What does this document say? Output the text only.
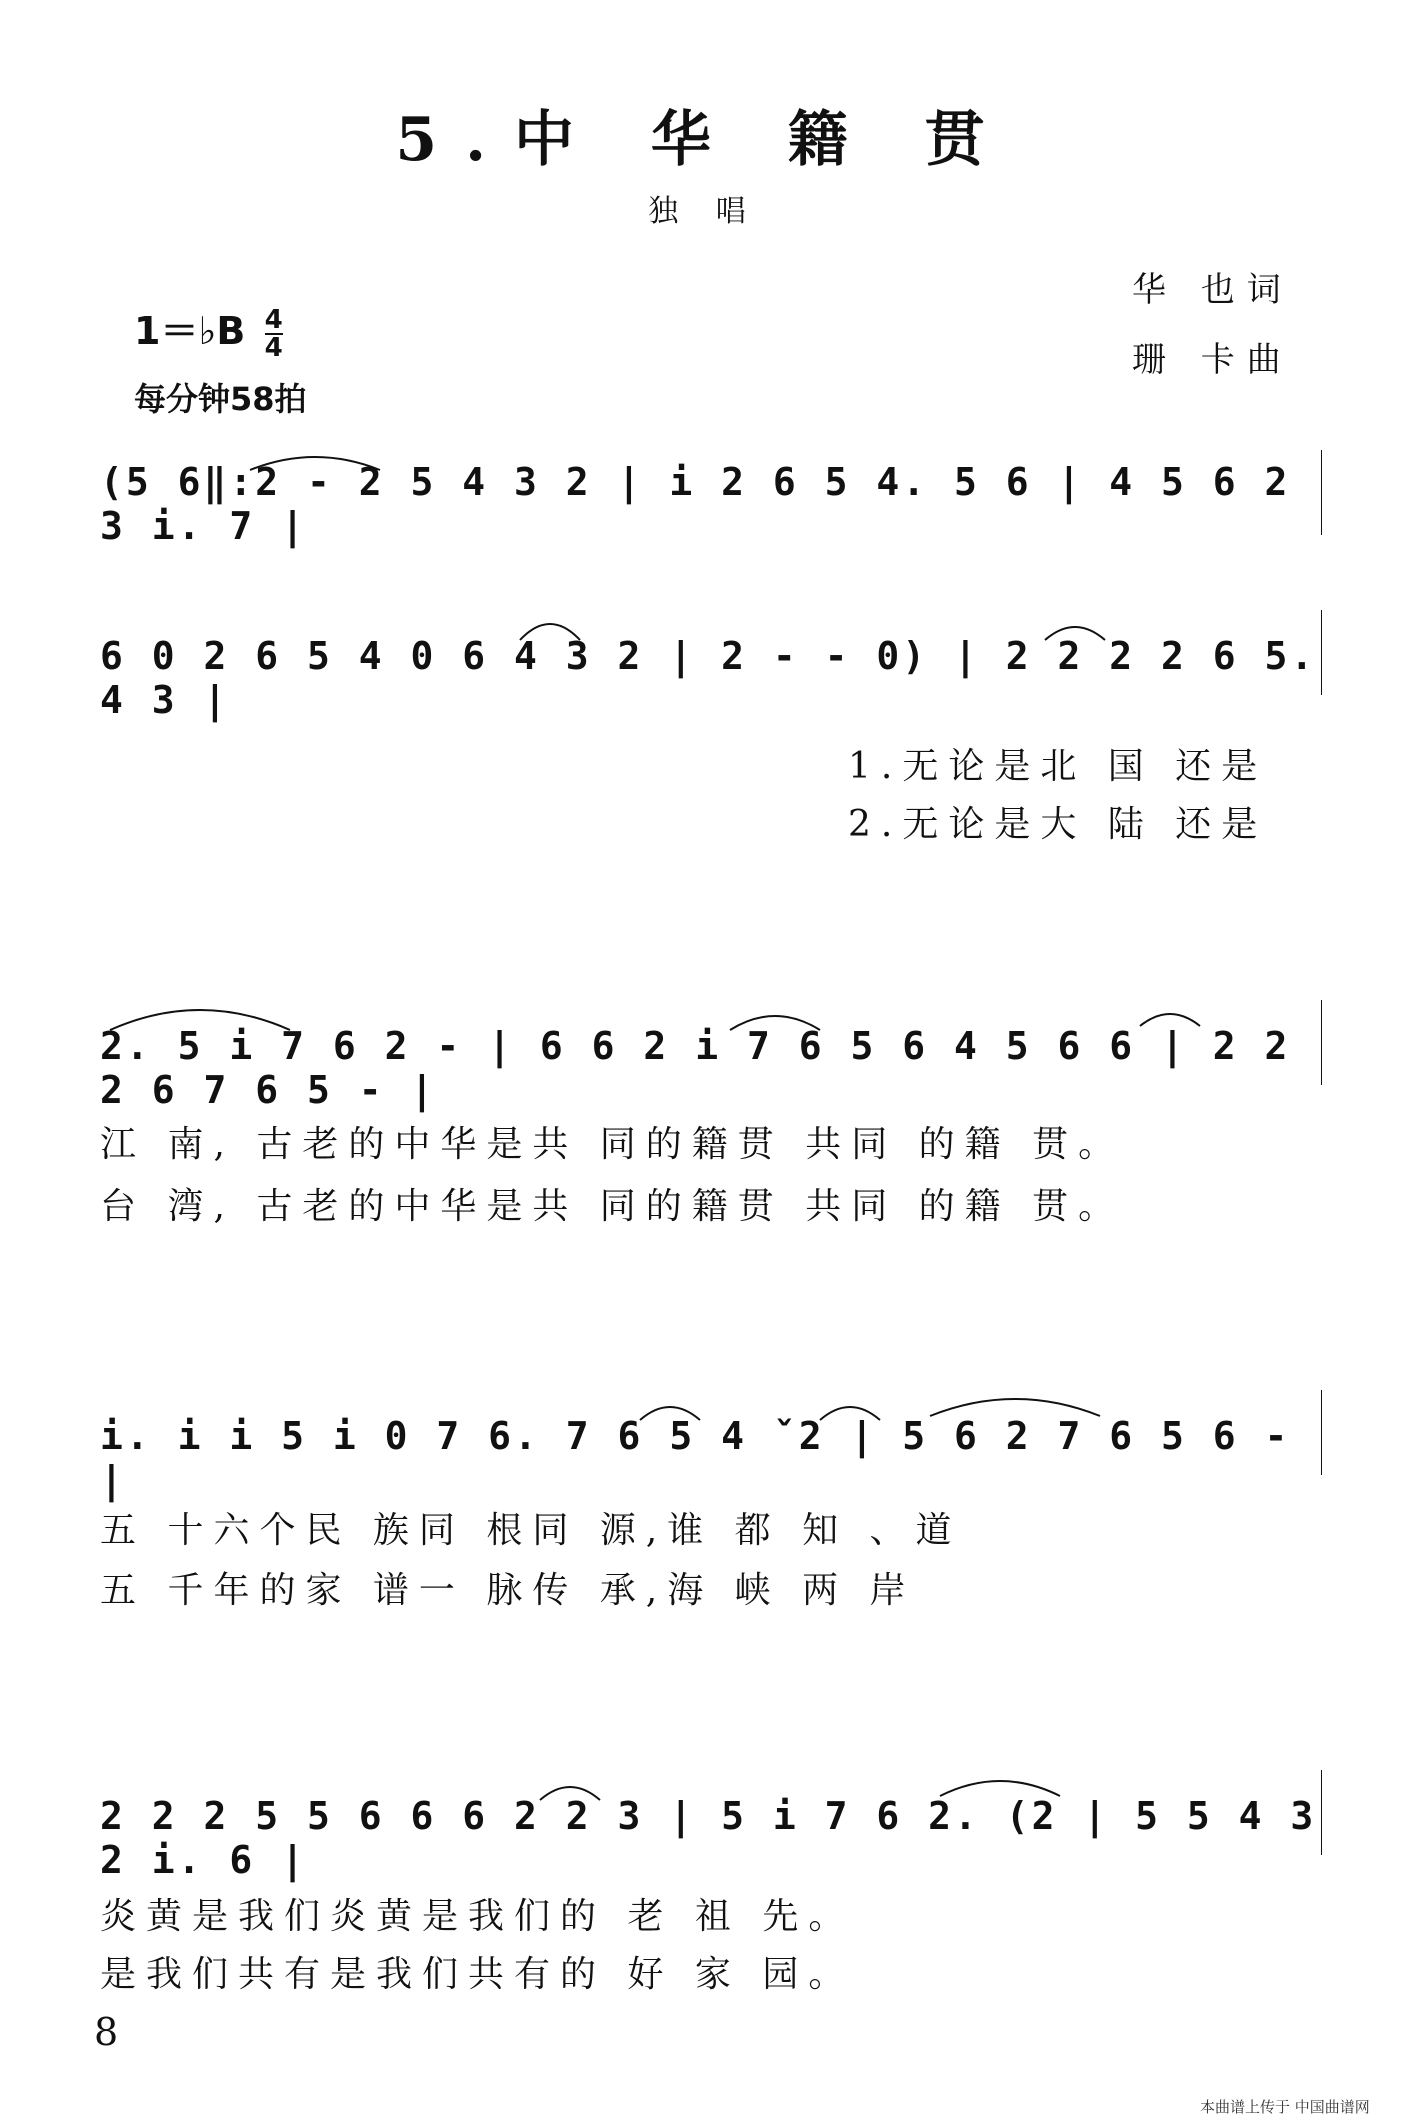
5.中 华 籍 贯
独 唱
华 也词
珊 卡曲
1＝♭B $\frac{4}{4}$
每分钟58拍
(5 6‖:2 - 2 5 4 3 2 | i 2 6 5 4. 5 6 | 4 5 6 2 3 i. 7 |
6 0 2 6 5 4 0 6 4 3 2 | 2 - - 0) | 2 2 2 2 6 5. 4 3 |
1.无论是北 国 还是
2.无论是大 陆 还是
2. 5 i 7 6 2 - | 6 6 2 i 7 6 5 6 4 5 6 6 | 2 2 2 6 7 6 5 - |
江 南, 古老的中华是共 同的籍贯 共同 的籍 贯。
台 湾, 古老的中华是共 同的籍贯 共同 的籍 贯。
i. i i 5 i 0 7 6. 7 6 5 4 ˇ2 | 5 6 2 7 6 5 6 - |
五 十六个民 族同 根同 源,谁 都 知 、道
五 千年的家 谱一 脉传 承,海 峡 两 岸
2 2 2 5 5 6 6 6 2 2 3 | 5 i 7 6 2. (2 | 5 5 4 3 2 i. 6 |
炎黄是我们炎黄是我们的 老 祖 先。
是我们共有是我们共有的 好 家 园。
8
本曲谱上传于 中国曲谱网
